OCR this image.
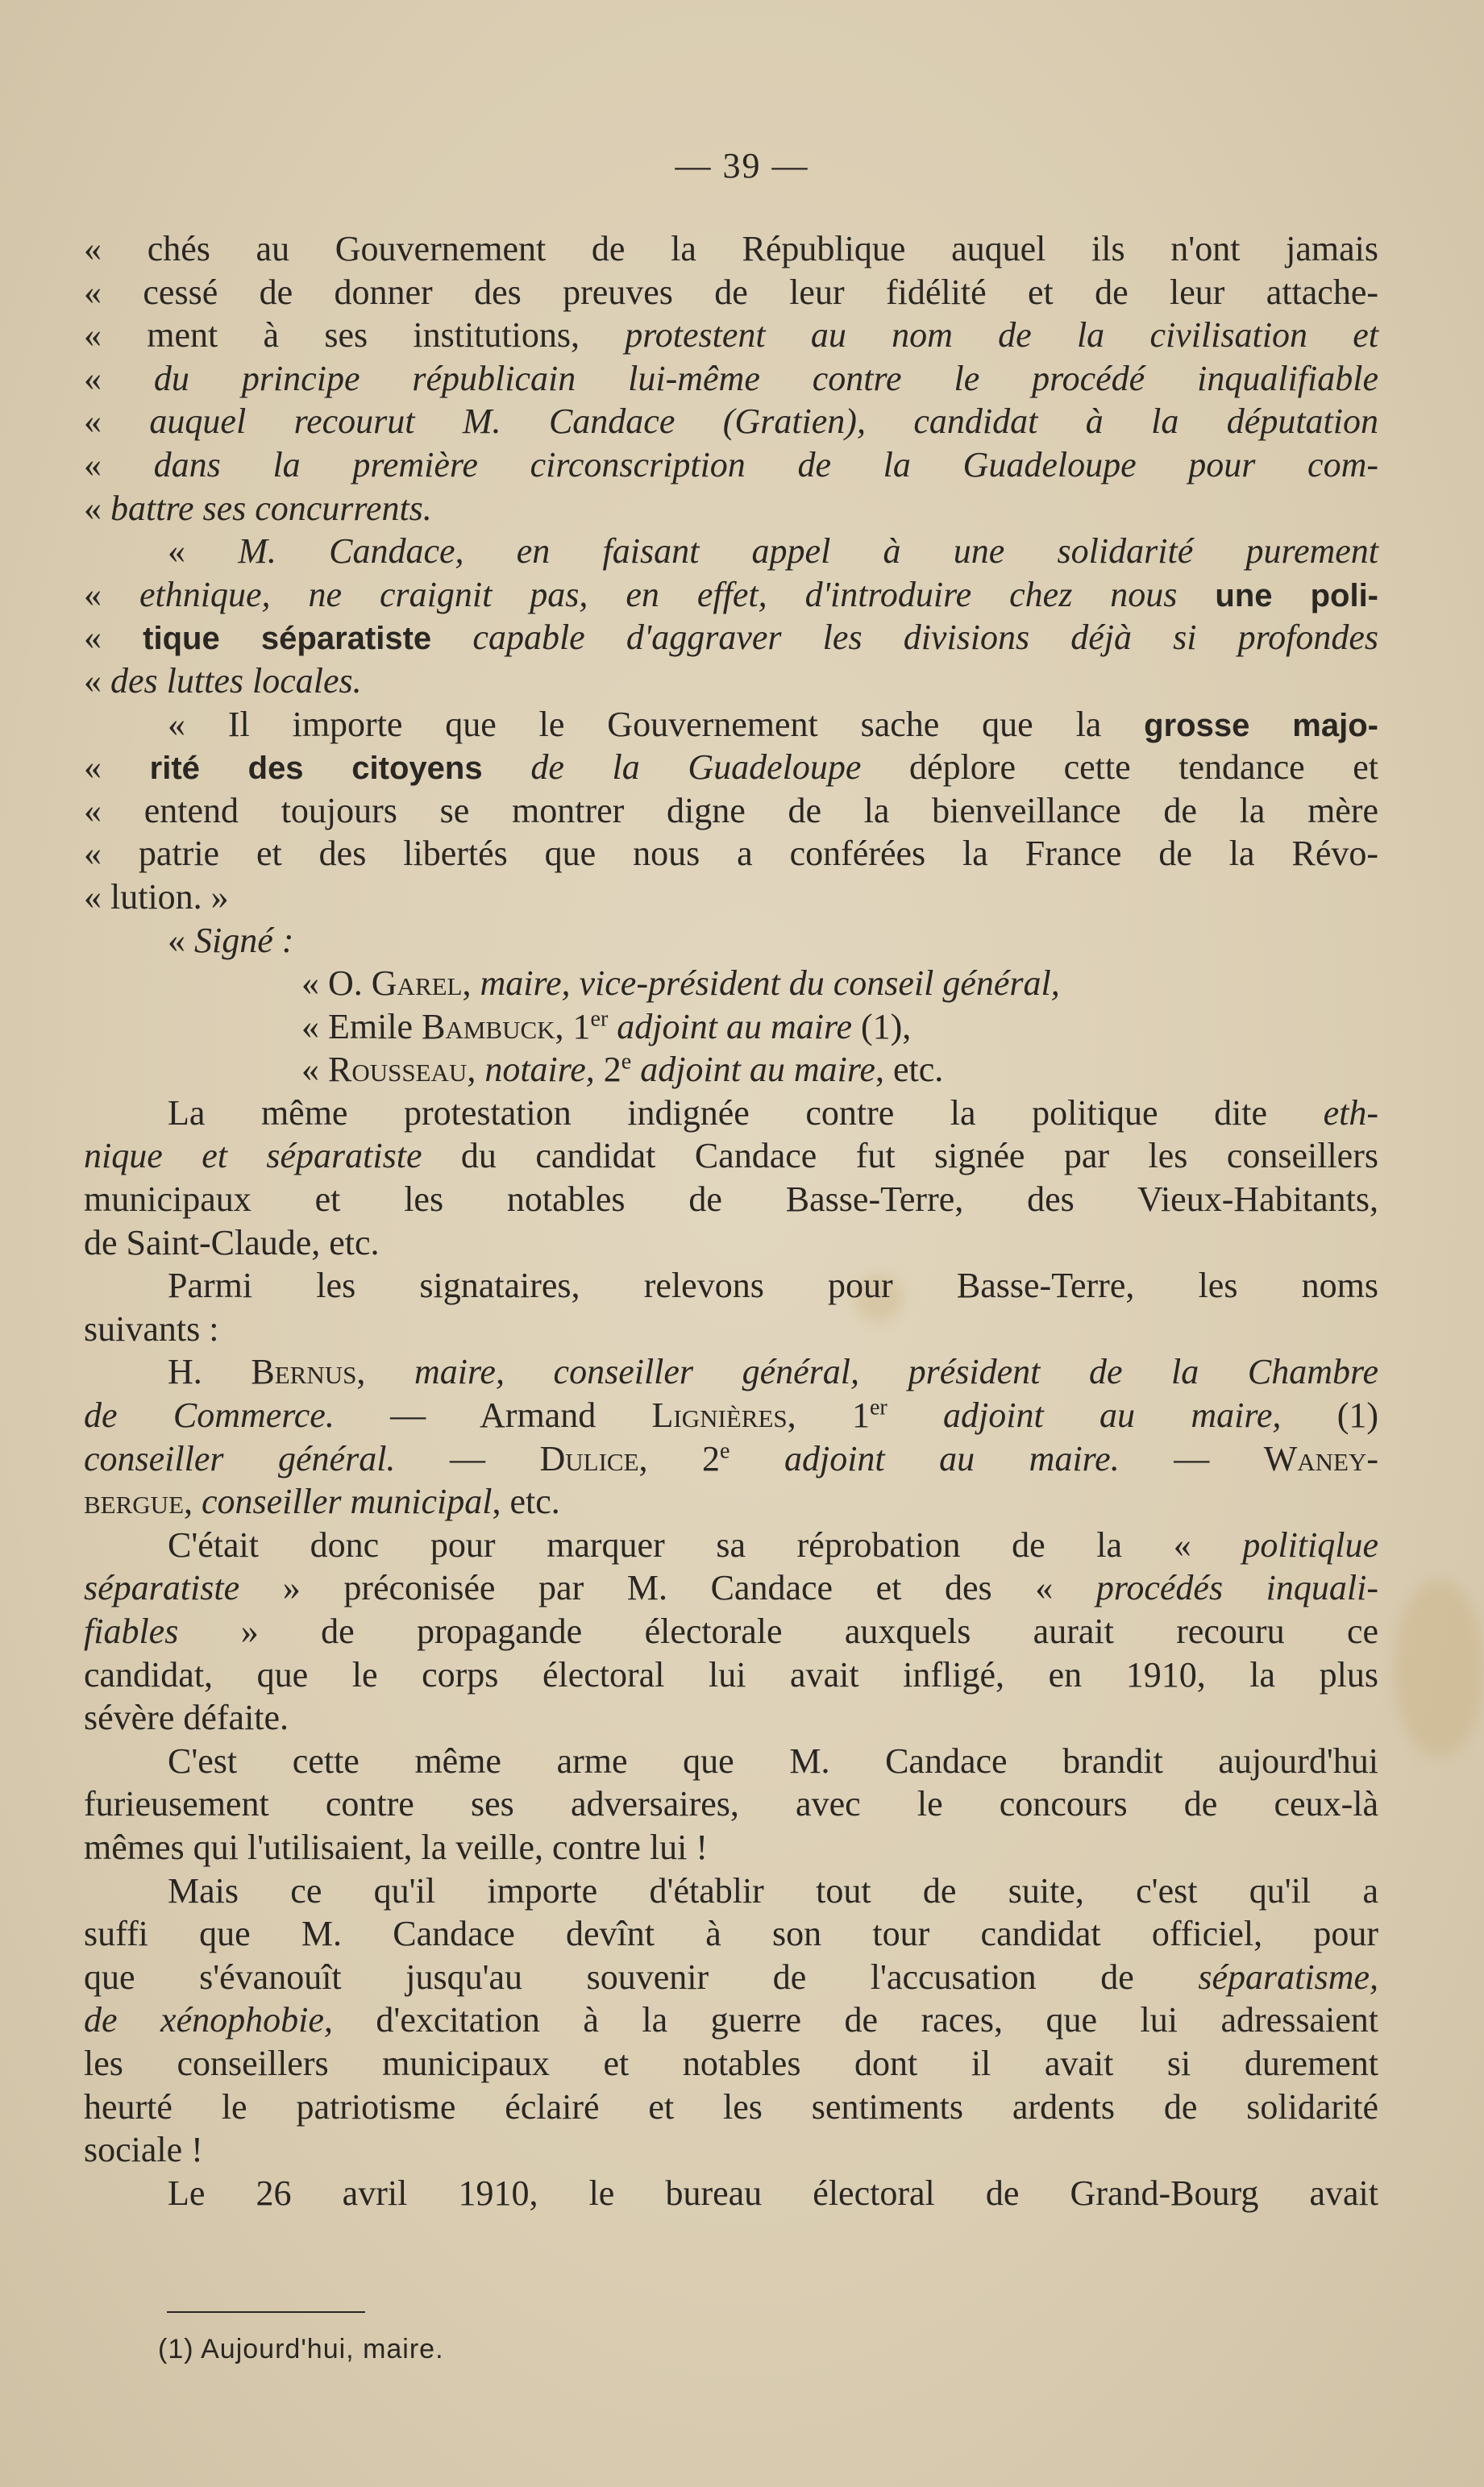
— 39 —
« chés au Gouvernement de la République auquel ils n'ont jamais
« cessé de donner des preuves de leur fidélité et de leur attache-
« ment à ses institutions, protestent au nom de la civilisation et
« du principe républicain lui-même contre le procédé inqualifiable
« auquel recourut M. Candace (Gratien), candidat à la députation
« dans la première circonscription de la Guadeloupe pour com-
« battre ses concurrents.
« M. Candace, en faisant appel à une solidarité purement
« ethnique, ne craignit pas, en effet, d'introduire chez nous une poli-
« tique séparatiste capable d'aggraver les divisions déjà si profondes
« des luttes locales.
« Il importe que le Gouvernement sache que la grosse majo-
« rité des citoyens de la Guadeloupe déplore cette tendance et
« entend toujours se montrer digne de la bienveillance de la mère
« patrie et des libertés que nous a conférées la France de la Révo-
« lution. »
« Signé :
« O. Garel, maire, vice-président du conseil général,
« Emile Bambuck, 1er adjoint au maire (1),
« Rousseau, notaire, 2e adjoint au maire, etc.
La même protestation indignée contre la politique dite eth-
nique et séparatiste du candidat Candace fut signée par les conseillers
municipaux et les notables de Basse-Terre, des Vieux-Habitants,
de Saint-Claude, etc.
Parmi les signataires, relevons pour Basse-Terre, les noms
suivants :
H. Bernus, maire, conseiller général, président de la Chambre
de Commerce. — Armand Lignières, 1er adjoint au maire, (1)
conseiller général. — Dulice, 2e adjoint au maire. — Waney-
bergue, conseiller municipal, etc.
C'était donc pour marquer sa réprobation de la « politiqlue
séparatiste » préconisée par M. Candace et des « procédés inquali-
fiables » de propagande électorale auxquels aurait recouru ce
candidat, que le corps électoral lui avait infligé, en 1910, la plus
sévère défaite.
C'est cette même arme que M. Candace brandit aujourd'hui
furieusement contre ses adversaires, avec le concours de ceux-là
mêmes qui l'utilisaient, la veille, contre lui !
Mais ce qu'il importe d'établir tout de suite, c'est qu'il a
suffi que M. Candace devînt à son tour candidat officiel, pour
que s'évanouît jusqu'au souvenir de l'accusation de séparatisme,
de xénophobie, d'excitation à la guerre de races, que lui adressaient
les conseillers municipaux et notables dont il avait si durement
heurté le patriotisme éclairé et les sentiments ardents de solidarité
sociale !
Le 26 avril 1910, le bureau électoral de Grand-Bourg avait
(1) Aujourd'hui, maire.
